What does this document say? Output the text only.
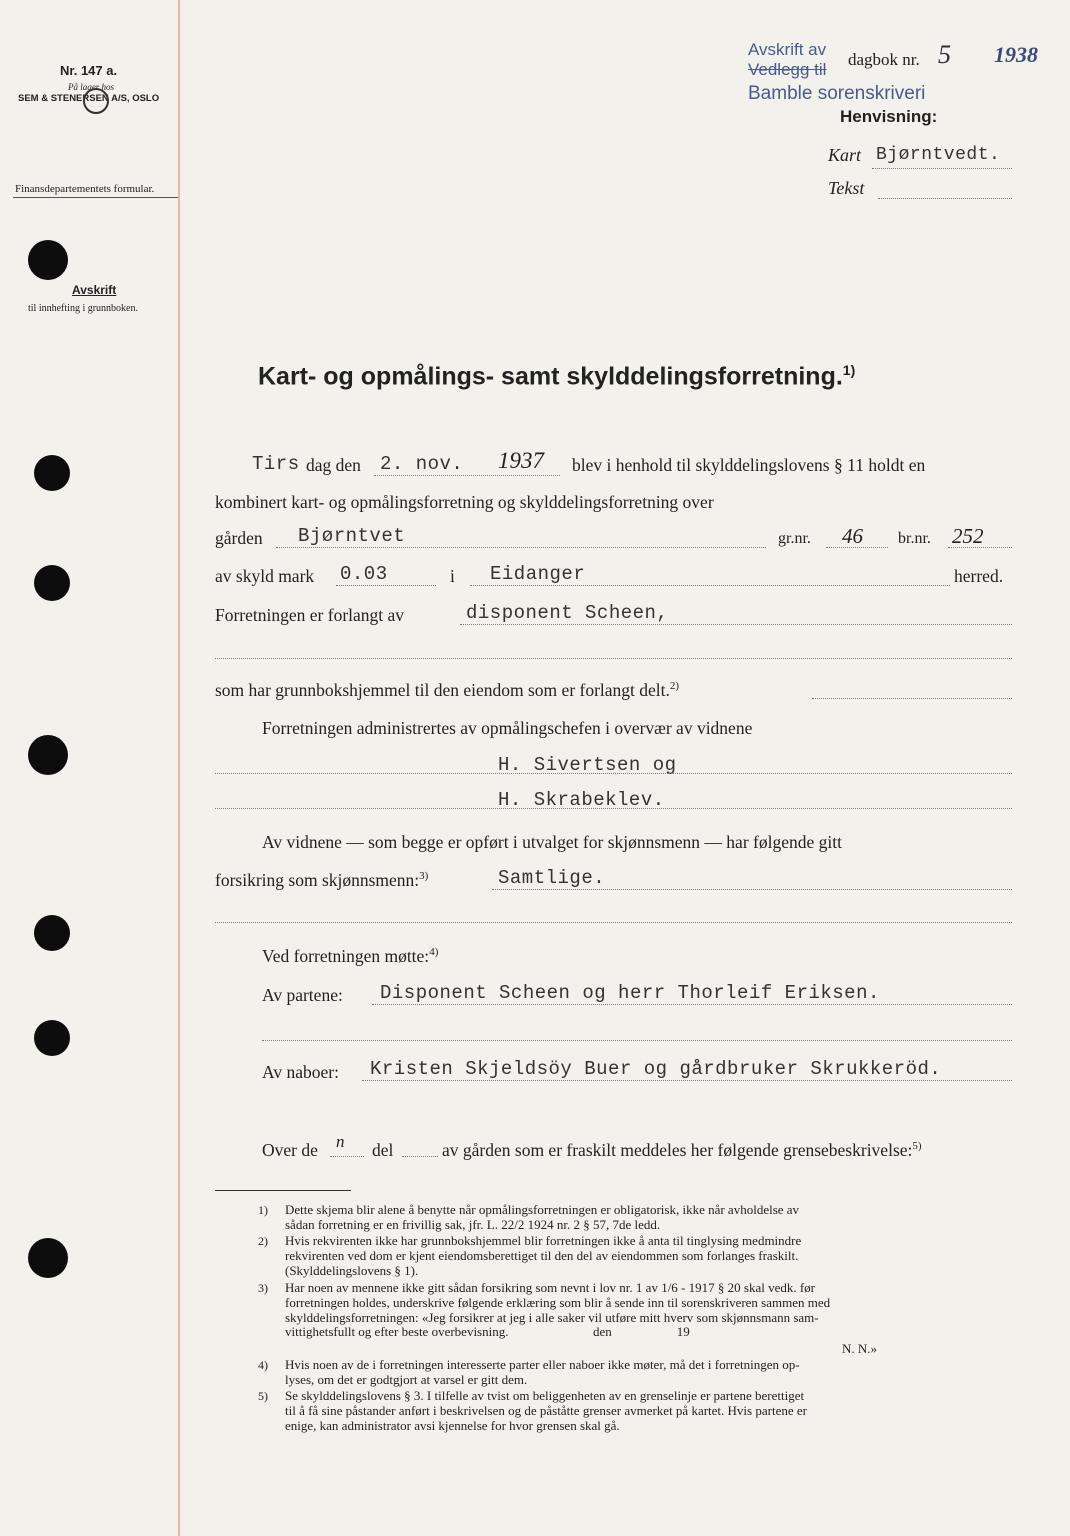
Nr. 147 a.
På lager hos
SEM & STENERSEN A/S, OSLO
Finansdepartementets formular.
Avskrift
til innhefting i grunnboken.
Avskrift av
Vedlegg til
dagbok nr. 5 1938
Bamble sorenskriveri
Henvisning:
Kart Bjørntvedt.
Tekst
Kart- og opmålings- samt skylddelingsforretning.$^{1)}$
Tirs dag den 2. nov. 1937 blev i henhold til skylddelingslovens § 11 holdt en
kombinert kart- og opmålingsforretning og skylddelingsforretning over
gården Bjørntvet	gr.nr. 46 br.nr. 252
av skyld mark 0.03	i Eidanger	herred.
Forretningen er forlangt av	disponent Scheen,
som har grunnbokshjemmel til den eiendom som er forlangt delt.$^{2)}$
Forretningen administrertes av opmålingschefen i overvær av vidnene
H. Sivertsen og
H. Skrabeklev.
Av vidnene — som begge er opført i utvalget for skjønnsmenn — har følgende gitt
forsikring som skjønnsmenn:$^{3)}$	Samtlige.
Ved forretningen møtte:$^{4)}$
Av partene: Disponent Scheen og herr Thorleif Eriksen.
Av naboer: Kristen Skjeldsöy Buer og gårdbruker Skrukkeröd.
Over de n del	av gården som er fraskilt meddeles her følgende grensebeskrivelse:$^{5)}$
1) Dette skjema blir alene å benytte når opmålingsforretningen er obligatorisk, ikke når avholdelse av
sådan forretning er en frivillig sak, jfr. L. 22/2 1924 nr. 2 § 57, 7de ledd.
2) Hvis rekvirenten ikke har grunnbokshjemmel blir forretningen ikke å anta til tinglysing medmindre
rekvirenten ved dom er kjent eiendomsberettiget til den del av eiendommen som forlanges fraskilt.
(Skylddelingslovens § 1).
3) Har noen av mennene ikke gitt sådan forsikring som nevnt i lov nr. 1 av 1/6 - 1917 § 20 skal vedk. før
forretningen holdes, underskrive følgende erklæring som blir å sende inn til sorenskriveren sammen med
skylddelingsforretningen: «Jeg forsikrer at jeg i alle saker vil utføre mitt hverv som skjønnsmann sam-
vittighetsfullt og efter beste overbevisning.                          den                    19
N. N.»
4) Hvis noen av de i forretningen interesserte parter eller naboer ikke møter, må det i forretningen op-
lyses, om det er godtgjort at varsel er gitt dem.
5) Se skylddelingslovens § 3. I tilfelle av tvist om beliggenheten av en grenselinje er partene berettiget
til å få sine påstander anført i beskrivelsen og de påståtte grenser avmerket på kartet. Hvis partene er
enige, kan administrator avsi kjennelse for hvor grensen skal gå.
